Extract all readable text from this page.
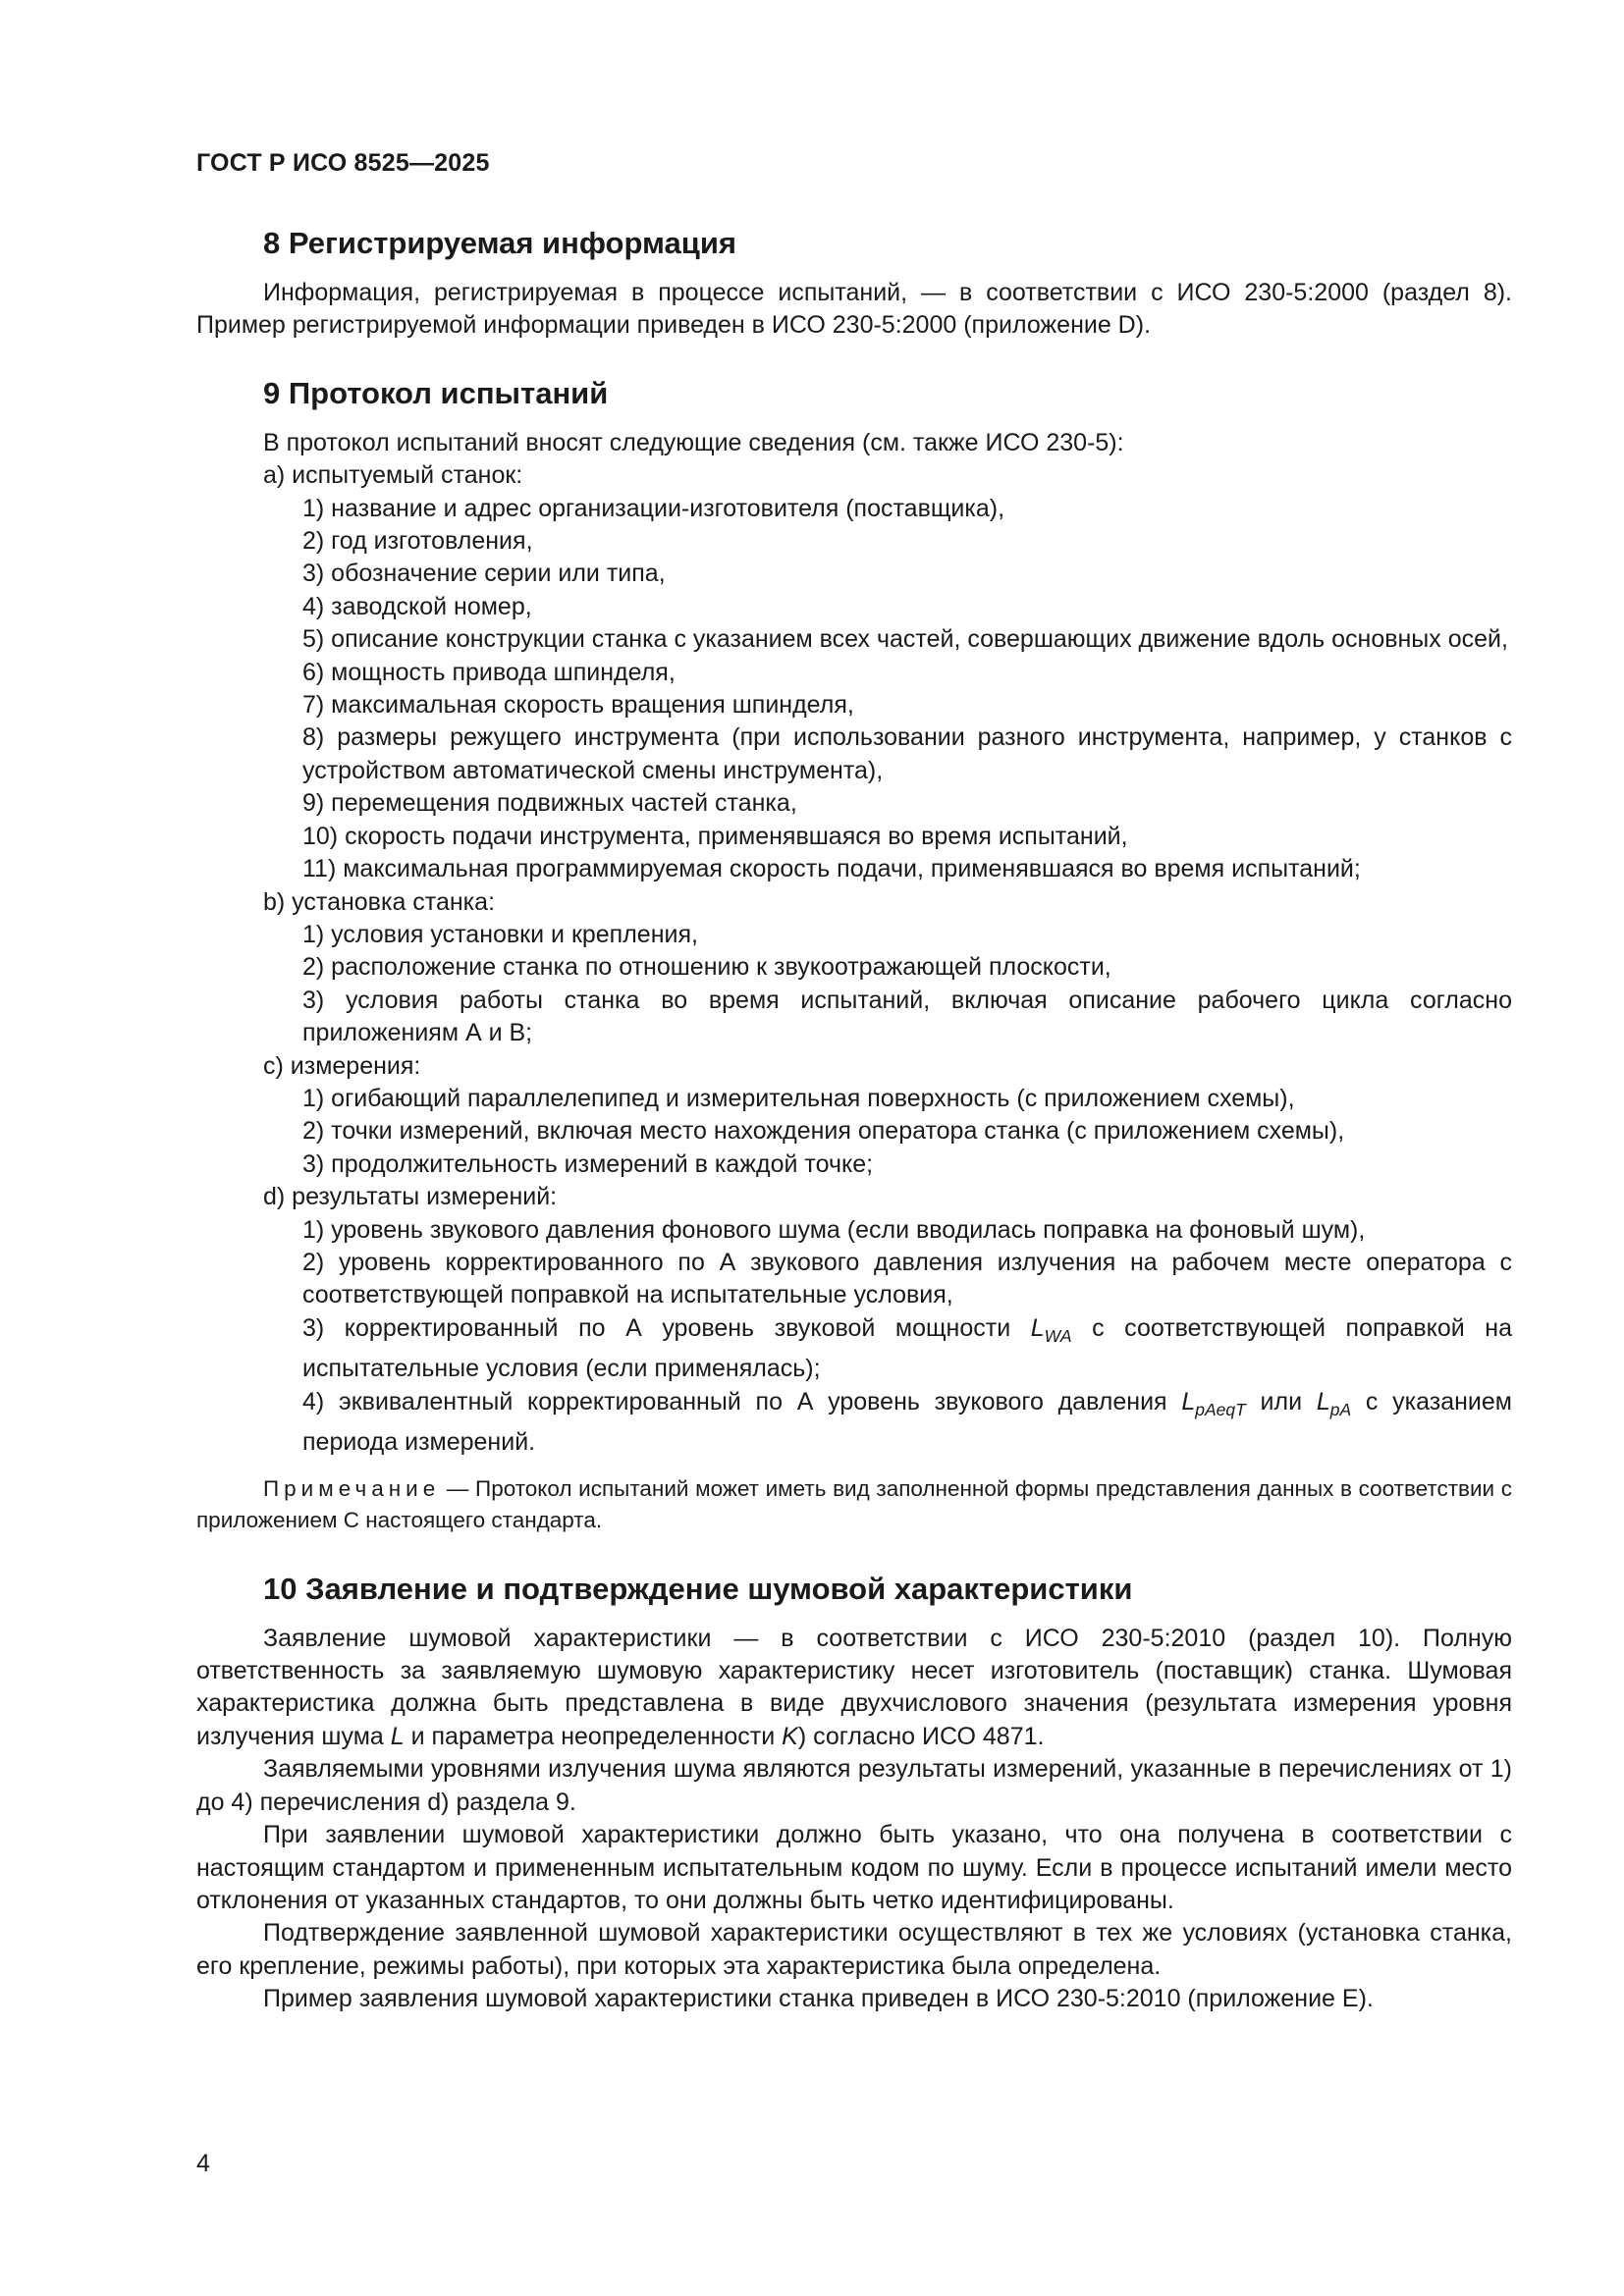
ГОСТ Р ИСО 8525—2025
8 Регистрируемая информация

Информация, регистрируемая в процессе испытаний, — в соответствии с ИСО 230-5:2000 (раздел 8). Пример регистрируемой информации приведен в ИСО 230-5:2000 (приложение D).

9 Протокол испытаний

В протокол испытаний вносят следующие сведения (см. также ИСО 230-5):

a) испытуемый станок:

1) название и адрес организации-изготовителя (поставщика),

2) год изготовления,

3) обозначение серии или типа,

4) заводской номер,

5) описание конструкции станка с указанием всех частей, совершающих движение вдоль основных осей,

6) мощность привода шпинделя,

7) максимальная скорость вращения шпинделя,

8) размеры режущего инструмента (при использовании разного инструмента, например, у станков с устройством автоматической смены инструмента),

9) перемещения подвижных частей станка,

10) скорость подачи инструмента, применявшаяся во время испытаний,

11) максимальная программируемая скорость подачи, применявшаяся во время испытаний;

b) установка станка:

1) условия установки и крепления,

2) расположение станка по отношению к звукоотражающей плоскости,

3) условия работы станка во время испытаний, включая описание рабочего цикла согласно приложениям А и В;

с) измерения:

1) огибающий параллелепипед и измерительная поверхность (с приложением схемы),

2) точки измерений, включая место нахождения оператора станка (с приложением схемы),

3) продолжительность измерений в каждой точке;

d) результаты измерений:

1) уровень звукового давления фонового шума (если вводилась поправка на фоновый шум),

2) уровень корректированного по А звукового давления излучения на рабочем месте оператора с соответствующей поправкой на испытательные условия,

3) корректированный по А уровень звуковой мощности $L_{WA}$ с соответствующей поправкой на испытательные условия (если применялась);

4) эквивалентный корректированный по А уровень звукового давления $L_{pAeqT}$ или $L_{pA}$ с указанием периода измерений.

Примечание — Протокол испытаний может иметь вид заполненной формы представления данных в соответствии с приложением С настоящего стандарта.

10 Заявление и подтверждение шумовой характеристики

Заявление шумовой характеристики — в соответствии с ИСО 230-5:2010 (раздел 10). Полную ответственность за заявляемую шумовую характеристику несет изготовитель (поставщик) станка. Шумовая характеристика должна быть представлена в виде двухчислового значения (результата измерения уровня излучения шума L и параметра неопределенности K) согласно ИСО 4871.

Заявляемыми уровнями излучения шума являются результаты измерений, указанные в перечислениях от 1) до 4) перечисления d) раздела 9.

При заявлении шумовой характеристики должно быть указано, что она получена в соответствии с настоящим стандартом и примененным испытательным кодом по шуму. Если в процессе испытаний имели место отклонения от указанных стандартов, то они должны быть четко идентифицированы.

Подтверждение заявленной шумовой характеристики осуществляют в тех же условиях (установка станка, его крепление, режимы работы), при которых эта характеристика была определена.

Пример заявления шумовой характеристики станка приведен в ИСО 230-5:2010 (приложение Е).

4
